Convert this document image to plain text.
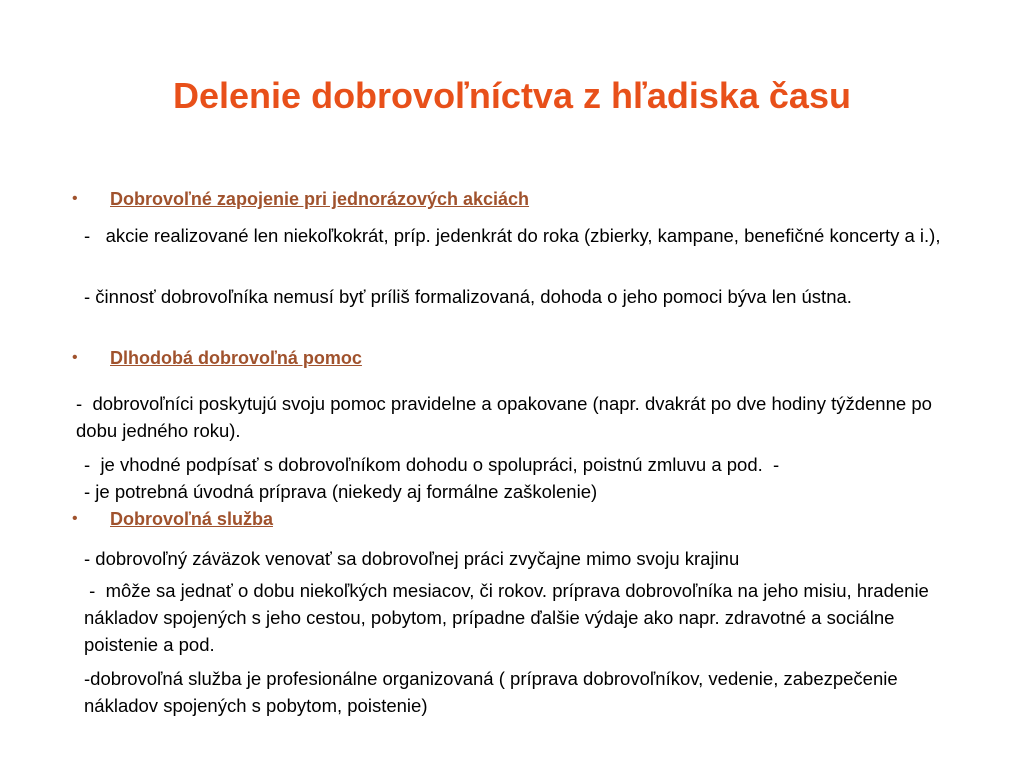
Delenie dobrovoľníctva z hľadiska času
• Dobrovoľné zapojenie pri jednorázových akciách

-   akcie realizované len niekoľkokrát, príp. jedenkrát do roka (zbierky, kampane, beneﬁčné koncerty a i.),

- činnosť dobrovoľníka nemusí byť príliš formalizovaná, dohoda o jeho pomoci býva len ústna.

• Dlhodobá dobrovoľná pomoc

-  dobrovoľníci poskytujú svoju pomoc pravidelne a opakovane (napr. dvakrát po dve hodiny týždenne po dobu jedného roku).

-  je vhodné podpísať s dobrovoľníkom dohodu o spolupráci, poistnú zmluvu a pod.  -

- je potrebná úvodná príprava (niekedy aj formálne zaškolenie)

• Dobrovoľná služba

- dobrovoľný záväzok venovať sa dobrovoľnej práci zvyčajne mimo svoju krajinu

-  môže sa jednať o dobu niekoľkých mesiacov, či rokov. príprava dobrovoľníka na jeho misiu, hradenie nákladov spojených s jeho cestou, pobytom, prípadne ďalšie výdaje ako napr. zdravotné a sociálne poistenie a pod.

-dobrovoľná služba je profesionálne organizovaná ( príprava dobrovoľníkov, vedenie, zabezpečenie nákladov spojených s pobytom, poistenie)
